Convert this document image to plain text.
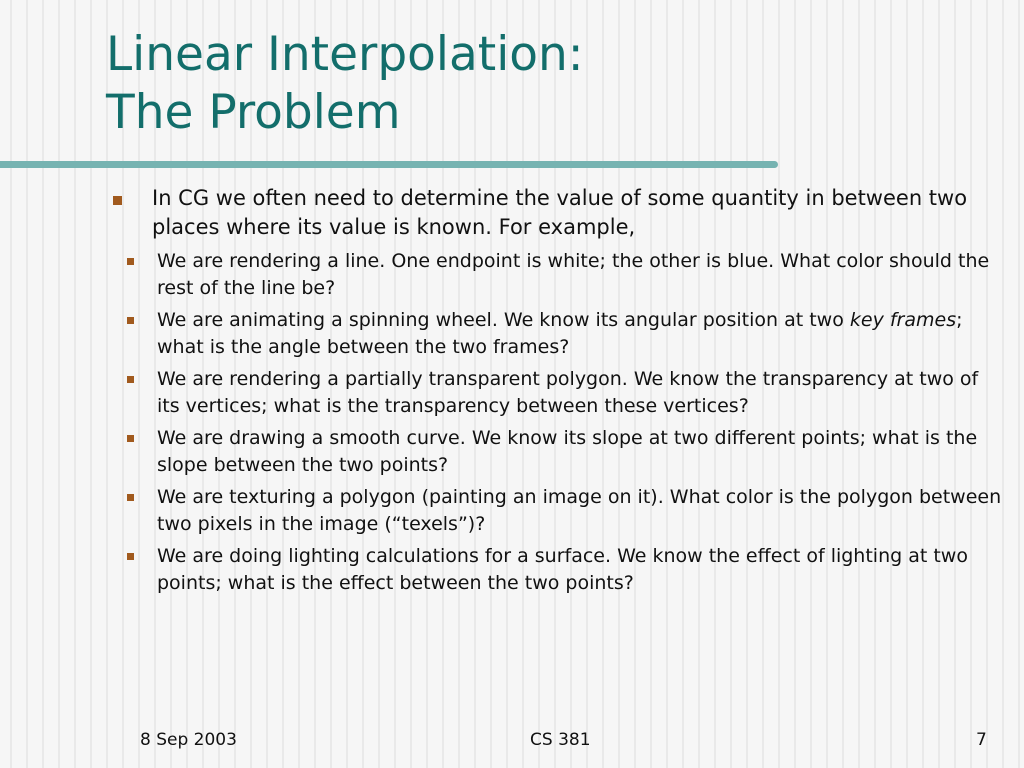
Linear Interpolation:
The Problem
In CG we often need to determine the value of some quantity in between two places where its value is known. For example,
We are rendering a line. One endpoint is white; the other is blue. What color should the rest of the line be?
We are animating a spinning wheel. We know its angular position at two key frames; what is the angle between the two frames?
We are rendering a partially transparent polygon. We know the transparency at two of its vertices; what is the transparency between these vertices?
We are drawing a smooth curve. We know its slope at two different points; what is the slope between the two points?
We are texturing a polygon (painting an image on it). What color is the polygon between two pixels in the image (“texels”)?
We are doing lighting calculations for a surface. We know the effect of lighting at two points; what is the effect between the two points?
8 Sep 2003	CS 381	7
